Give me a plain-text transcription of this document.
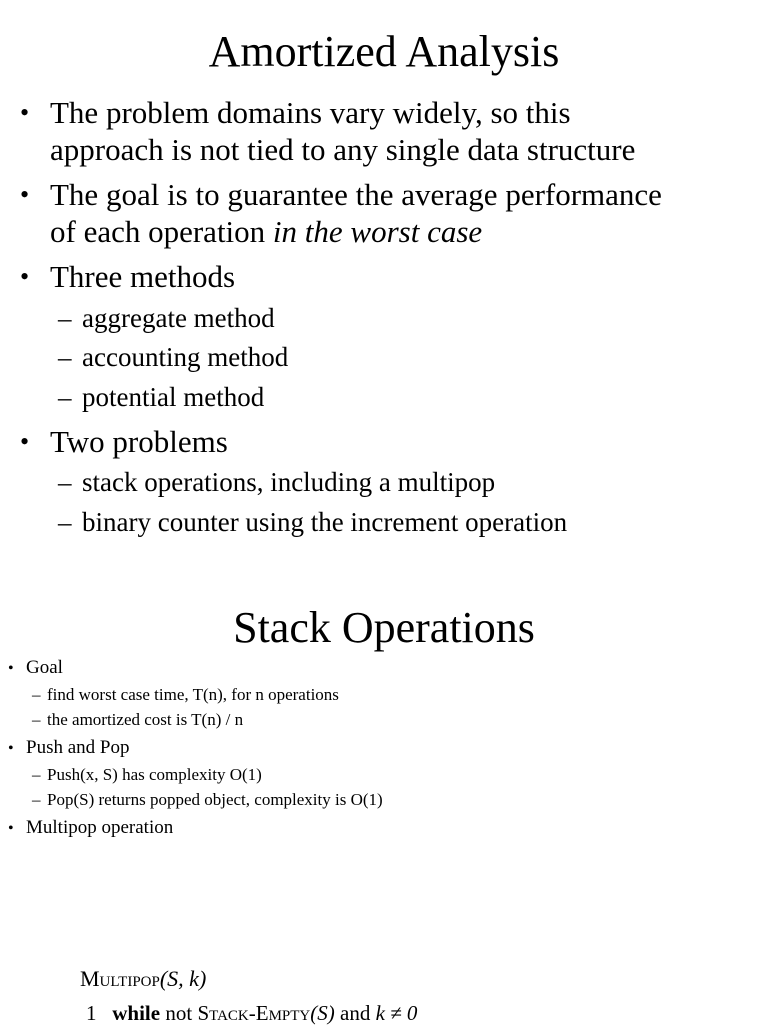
Amortized Analysis
• The problem domains vary widely, so this
approach is not tied to any single data structure
• The goal is to guarantee the average performance
of each operation in the worst case
• Three methods
– aggregate method
– accounting method
– potential method
• Two problems
– stack operations, including a multipop
– binary counter using the increment operation
Stack Operations
• Goal
– find worst case time, T(n), for n operations
– the amortized cost is T(n) / n
• Push and Pop
– Push(x, S) has complexity O(1)
– Pop(S) returns popped object, complexity is O(1)
• Multipop operation
Multipop(S, k)
1 while not Stack-Empty(S) and k ≠ 0
